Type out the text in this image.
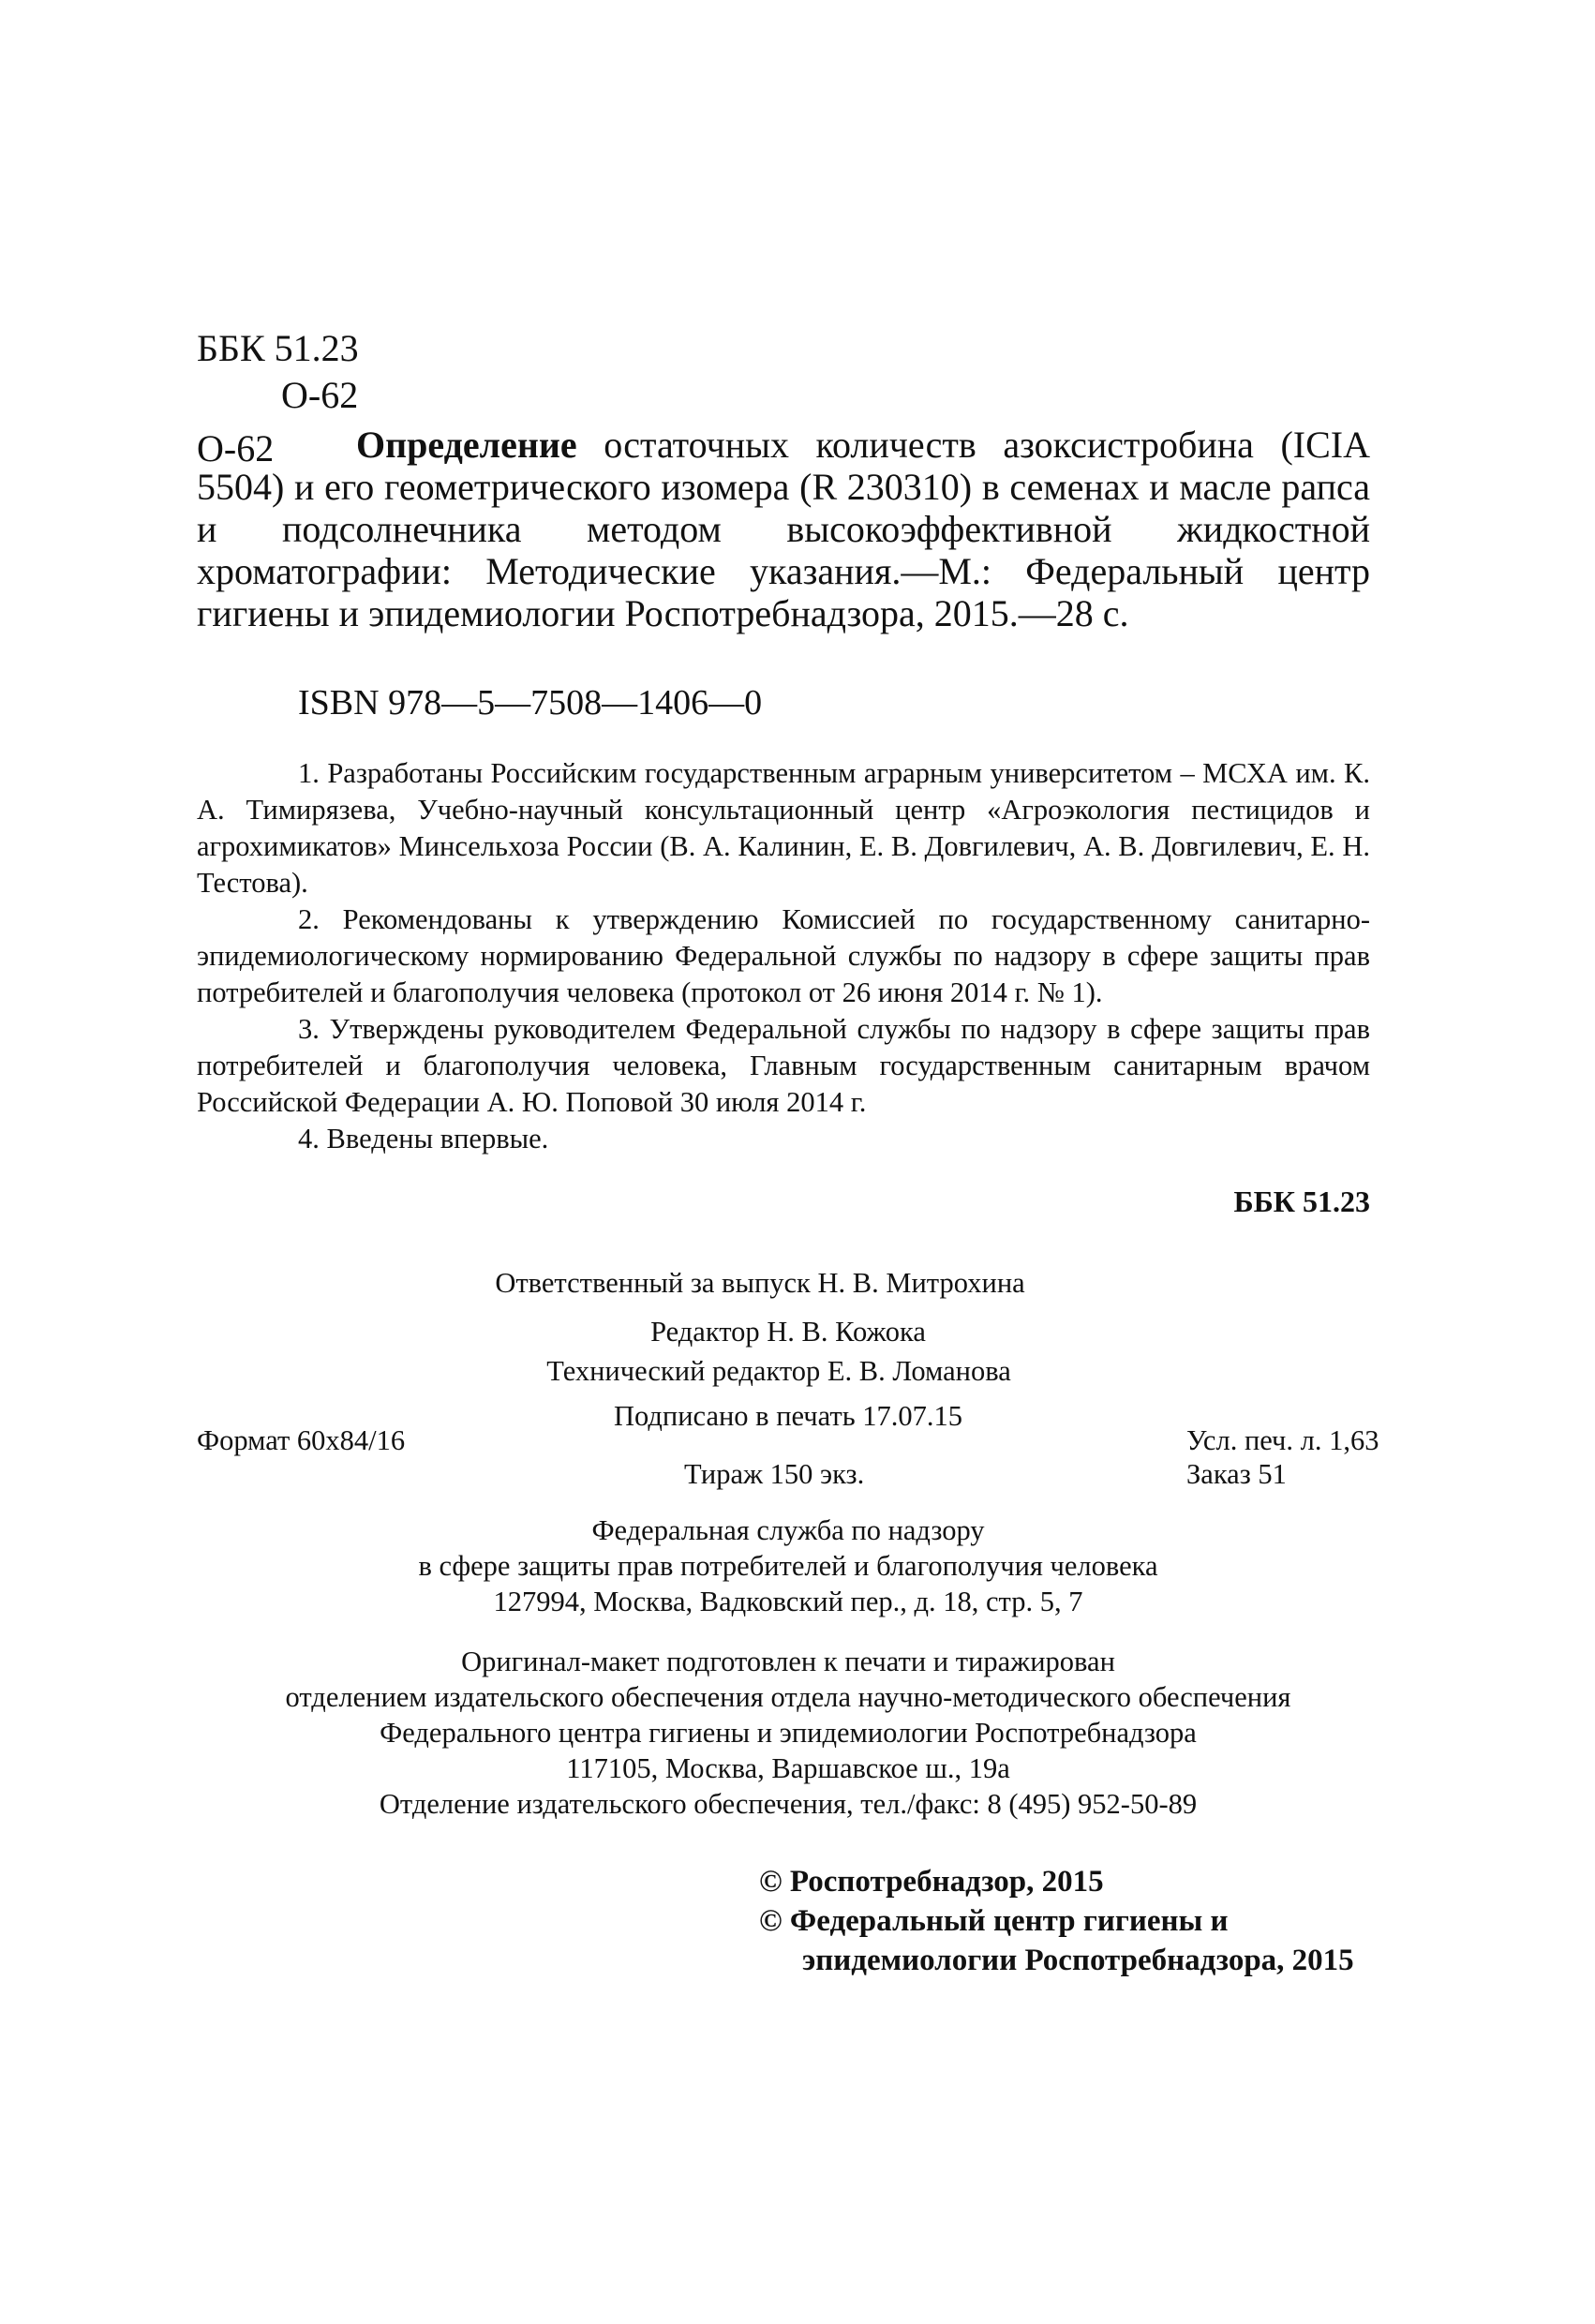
ББК 51.23
О-62
О-62	Определение остаточных количеств азоксистробина (ICIA 5504) и его геометрического изомера (R 230310) в семенах и масле рапса и подсолнечника методом высокоэффективной жидкостной хроматографии: Методические указания.—М.: Федеральный центр гигиены и эпидемиологии Роспотребнадзора, 2015.—28 с.
ISBN 978—5—7508—1406—0

1. Разработаны Российским государственным аграрным университетом – МСХА им. К. А. Тимирязева, Учебно-научный консультационный центр «Агроэкология пестицидов и агрохимикатов» Минсельхоза России (В. А. Калинин, Е. В. Довгилевич, А. В. Довгилевич, Е. Н. Тестова).

2. Рекомендованы к утверждению Комиссией по государственному санитарно-эпидемиологическому нормированию Федеральной службы по надзору в сфере защиты прав потребителей и благополучия человека (протокол от 26 июня 2014 г. № 1).

3. Утверждены руководителем Федеральной службы по надзору в сфере защиты прав потребителей и благополучия человека, Главным государственным санитарным врачом Российской Федерации А. Ю. Поповой 30 июля 2014 г.

4. Введены впервые.

ББК 51.23
Ответственный за выпуск Н. В. Митрохина
Редактор Н. В. Кожока
Технический редактор Е. В. Ломанова
Подписано в печать 17.07.15
Формат 60х84/16	Усл. печ. л. 1,63
Тираж 150 экз.	Заказ 51
Федеральная служба по надзору
в сфере защиты прав потребителей и благополучия человека
127994, Москва, Вадковский пер., д. 18, стр. 5, 7
Оригинал-макет подготовлен к печати и тиражирован
отделением издательского обеспечения отдела научно-методического обеспечения
Федерального центра гигиены и эпидемиологии Роспотребнадзора
117105, Москва, Варшавское ш., 19а
Отделение издательского обеспечения, тел./факс: 8 (495) 952-50-89
© Роспотребнадзор, 2015
© Федеральный центр гигиены и
эпидемиологии Роспотребнадзора, 2015
